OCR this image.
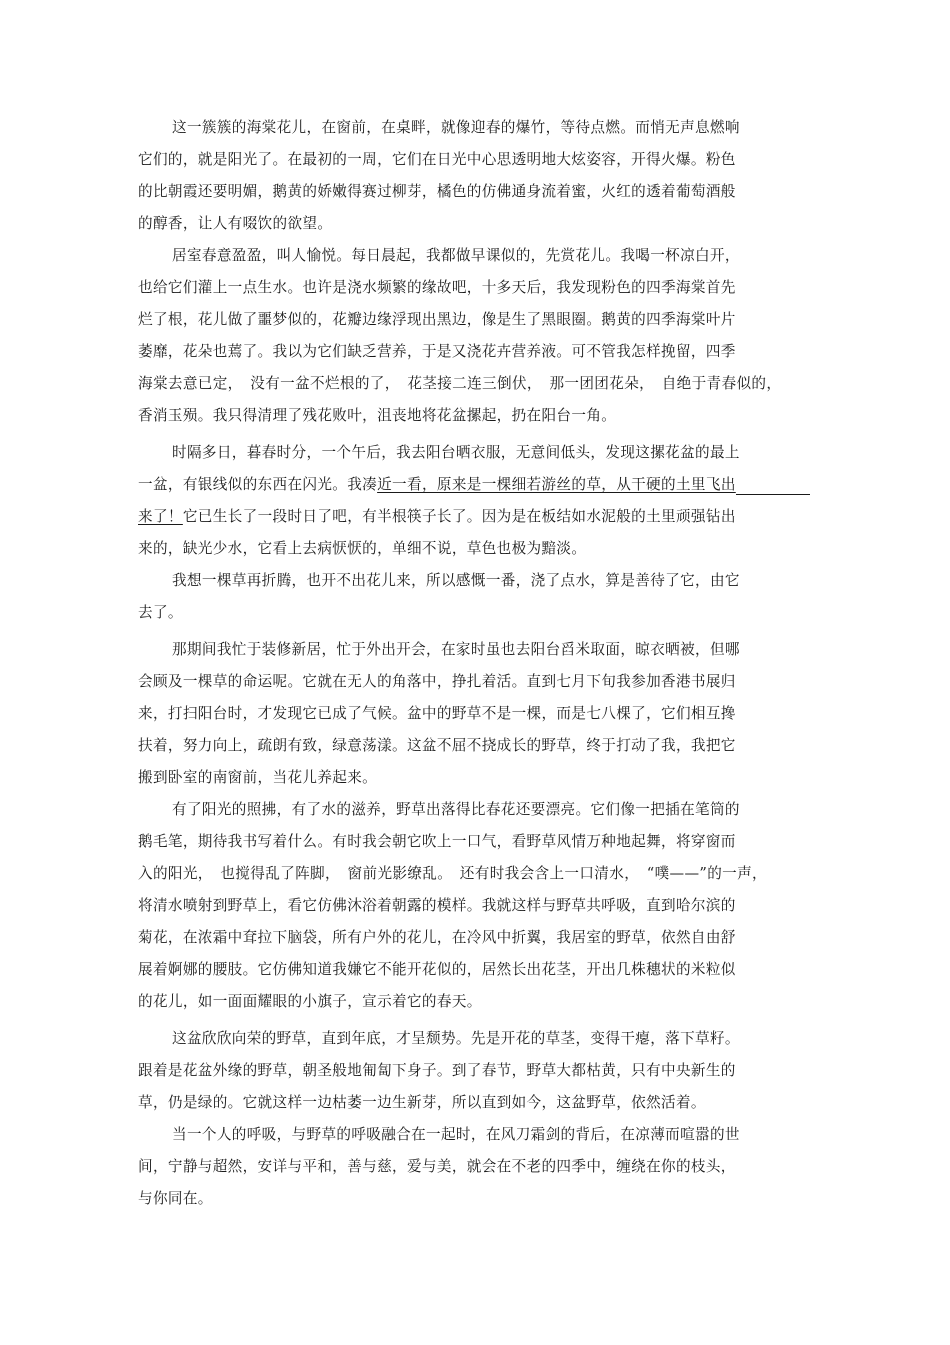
这一簇簇的海棠花儿，在窗前，在桌畔，就像迎春的爆竹，等待点燃。而悄无声息燃响
它们的，就是阳光了。在最初的一周，它们在日光中心思透明地大炫姿容，开得火爆。粉色
的比朝霞还要明媚，鹅黄的娇嫩得赛过柳芽，橘色的仿佛通身流着蜜，火红的透着葡萄酒般
的醇香，让人有啜饮的欲望。
居室春意盈盈，叫人愉悦。每日晨起，我都做早课似的，先赏花儿。我喝一杯凉白开，
也给它们灌上一点生水。也许是浇水频繁的缘故吧，十多天后，我发现粉色的四季海棠首先
烂了根，花儿做了噩梦似的，花瓣边缘浮现出黑边，像是生了黑眼圈。鹅黄的四季海棠叶片
萎靡，花朵也蔫了。我以为它们缺乏营养，于是又浇花卉营养液。可不管我怎样挽留，四季
海棠去意已定，　没有一盆不烂根的了，　花茎接二连三倒伏，　那一团团花朵，　自绝于青春似的，
香消玉殒。我只得清理了残花败叶，沮丧地将花盆摞起，扔在阳台一角。
时隔多日，暮春时分，一个午后，我去阳台晒衣服，无意间低头，发现这摞花盆的最上
一盆，有银线似的东西在闪光。我凑近一看，原来是一棵细若游丝的草，从干硬的土里飞出
来了！它已生长了一段时日了吧，有半根筷子长了。因为是在板结如水泥般的土里顽强钻出
来的，缺光少水，它看上去病恹恹的，单细不说，草色也极为黯淡。
我想一棵草再折腾，也开不出花儿来，所以感慨一番，浇了点水，算是善待了它，由它
去了。
那期间我忙于装修新居，忙于外出开会，在家时虽也去阳台舀米取面，晾衣晒被，但哪
会顾及一棵草的命运呢。它就在无人的角落中，挣扎着活。直到七月下旬我参加香港书展归
来，打扫阳台时，才发现它已成了气候。盆中的野草不是一棵，而是七八棵了，它们相互搀
扶着，努力向上，疏朗有致，绿意荡漾。这盆不屈不挠成长的野草，终于打动了我，我把它
搬到卧室的南窗前，当花儿养起来。
有了阳光的照拂，有了水的滋养，野草出落得比春花还要漂亮。它们像一把插在笔筒的
鹅毛笔，期待我书写着什么。有时我会朝它吹上一口气，看野草风情万种地起舞，将穿窗而
入的阳光，　也搅得乱了阵脚，　窗前光影缭乱。　还有时我会含上一口清水，　“噗——”的一声，
将清水喷射到野草上，看它仿佛沐浴着朝露的模样。我就这样与野草共呼吸，直到哈尔滨的
菊花，在浓霜中耷拉下脑袋，所有户外的花儿，在冷风中折翼，我居室的野草，依然自由舒
展着婀娜的腰肢。它仿佛知道我嫌它不能开花似的，居然长出花茎，开出几株穗状的米粒似
的花儿，如一面面耀眼的小旗子，宣示着它的春天。
这盆欣欣向荣的野草，直到年底，才呈颓势。先是开花的草茎，变得干瘪，落下草籽。
跟着是花盆外缘的野草，朝圣般地匍匐下身子。到了春节，野草大都枯黄，只有中央新生的
草，仍是绿的。它就这样一边枯萎一边生新芽，所以直到如今，这盆野草，依然活着。
当一个人的呼吸，与野草的呼吸融合在一起时，在风刀霜剑的背后，在凉薄而喧嚣的世
间，宁静与超然，安详与平和，善与慈，爱与美，就会在不老的四季中，缠绕在你的枝头，
与你同在。
